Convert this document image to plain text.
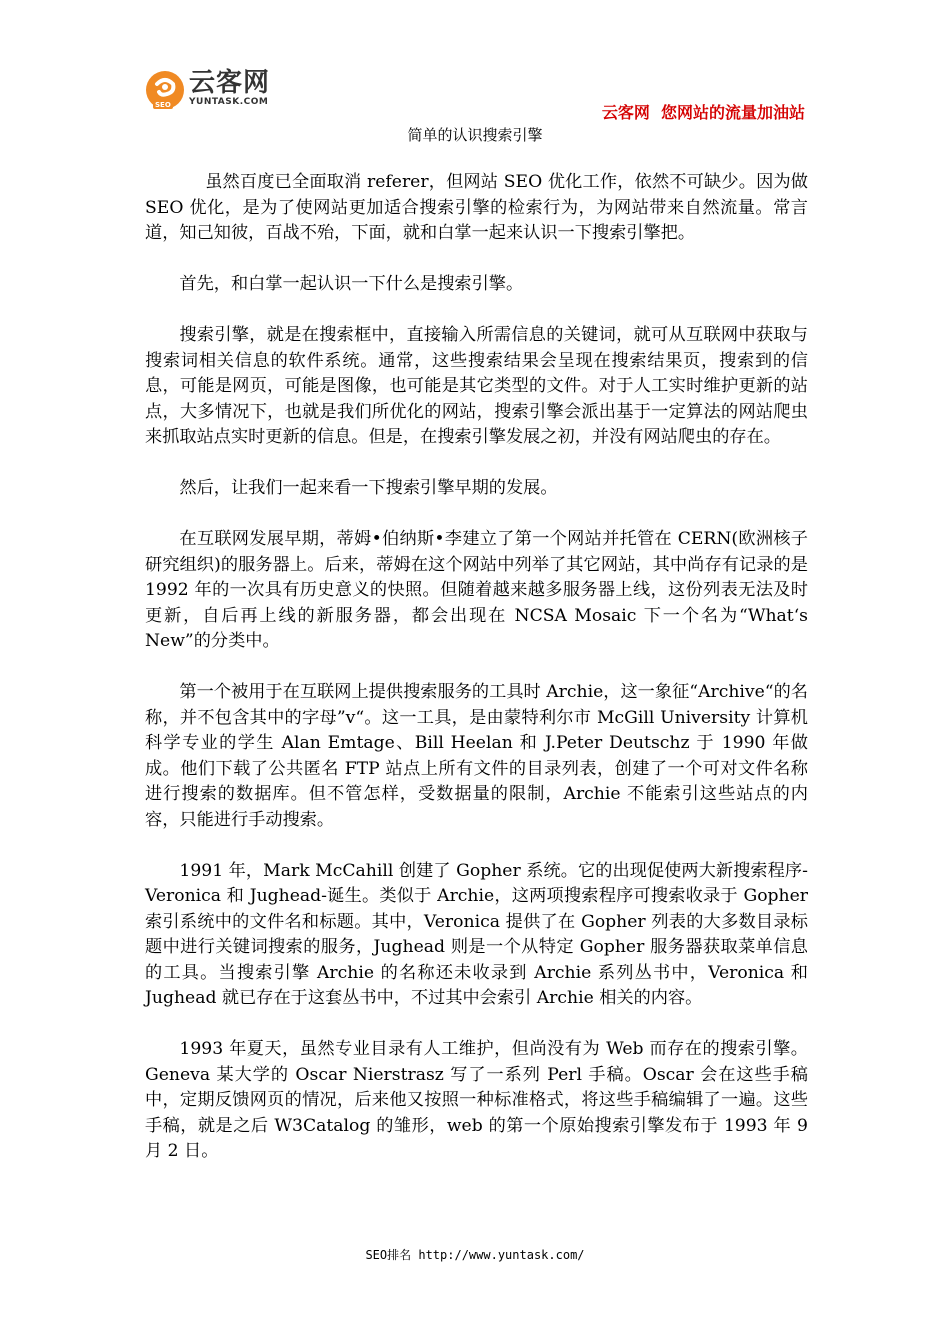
SEO
云客网
YUNTASK.COM
云客网  您网站的流量加油站
简单的认识搜索引擎

虽然百度已全面取消 referer，但网站 SEO 优化工作，依然不可缺少。因为做 SEO 优化，是为了使网站更加适合搜索引擎的检索行为，为网站带来自然流量。常言道，知己知彼，百战不殆，下面，就和白掌一起来认识一下搜索引擎把。

首先，和白掌一起认识一下什么是搜索引擎。

搜索引擎，就是在搜索框中，直接输入所需信息的关键词，就可从互联网中获取与搜索词相关信息的软件系统。通常，这些搜索结果会呈现在搜索结果页，搜索到的信息，可能是网页，可能是图像，也可能是其它类型的文件。对于人工实时维护更新的站点，大多情况下，也就是我们所优化的网站，搜索引擎会派出基于一定算法的网站爬虫来抓取站点实时更新的信息。但是，在搜索引擎发展之初，并没有网站爬虫的存在。

然后，让我们一起来看一下搜索引擎早期的发展。

在互联网发展早期，蒂姆•伯纳斯•李建立了第一个网站并托管在 CERN(欧洲核子研究组织)的服务器上。后来，蒂姆在这个网站中列举了其它网站，其中尚存有记录的是 1992 年的一次具有历史意义的快照。但随着越来越多服务器上线，这份列表无法及时更新，自后再上线的新服务器，都会出现在 NCSA Mosaic 下一个名为“What‘s New”的分类中。

第一个被用于在互联网上提供搜索服务的工具时 Archie，这一象征“Archive“的名称，并不包含其中的字母”v“。这一工具，是由蒙特利尔市 McGill University 计算机科学专业的学生 Alan Emtage、Bill Heelan 和 J.Peter Deutschz 于 1990 年做成。他们下载了公共匿名 FTP 站点上所有文件的目录列表，创建了一个可对文件名称进行搜索的数据库。但不管怎样，受数据量的限制，Archie 不能索引这些站点的内容，只能进行手动搜索。

1991 年，Mark McCahill 创建了 Gopher 系统。它的出现促使两大新搜索程序-Veronica 和 Jughead-诞生。类似于 Archie，这两项搜索程序可搜索收录于 Gopher 索引系统中的文件名和标题。其中，Veronica 提供了在 Gopher 列表的大多数目录标题中进行关键词搜索的服务，Jughead 则是一个从特定 Gopher 服务器获取菜单信息的工具。当搜索引擎 Archie 的名称还未收录到 Archie 系列丛书中，Veronica 和 Jughead 就已存在于这套丛书中，不过其中会索引 Archie 相关的内容。

1993 年夏天，虽然专业目录有人工维护，但尚没有为 Web 而存在的搜索引擎。Geneva 某大学的 Oscar Nierstrasz 写了一系列 Perl 手稿。Oscar 会在这些手稿中，定期反馈网页的情况，后来他又按照一种标准格式，将这些手稿编辑了一遍。这些手稿，就是之后 W3Catalog 的雏形，web 的第一个原始搜索引擎发布于 1993 年 9 月 2 日。

SEO排名 http://www.yuntask.com/
